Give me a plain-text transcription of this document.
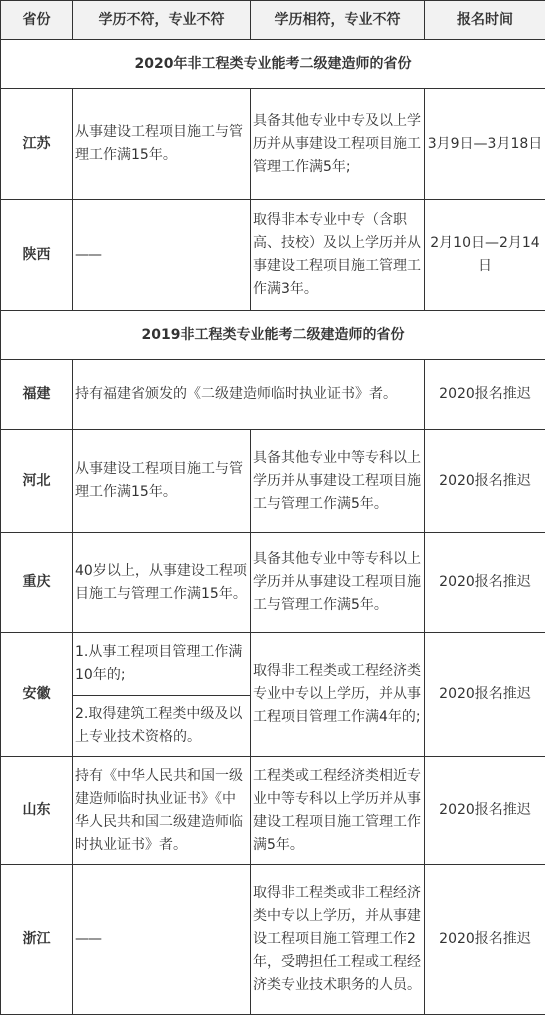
省份	学历不符，专业不符	学历相符，专业不符	报名时间
2020年非工程类专业能考二级建造师的省份			
江苏	从事建设工程项目施工与管理工作满15年。	具备其他专业中专及以上学历并从事建设工程项目施工管理工作满5年;	3月9日—3月18日
陕西	——	取得非本专业中专（含职高、技校）及以上学历并从事建设工程项目施工管理工作满3年。	2月10日—2月14日
2019非工程类专业能考二级建造师的省份			
福建	持有福建省颁发的《二级建造师临时执业证书》者。		2020报名推迟
河北	从事建设工程项目施工与管理工作满15年。	具备其他专业中等专科以上学历并从事建设工程项目施工与管理工作满5年。	2020报名推迟
重庆	40岁以上，从事建设工程项目施工与管理工作满15年。	具备其他专业中等专科以上学历并从事建设工程项目施工与管理工作满5年。	2020报名推迟
安徽	1.从事工程项目管理工作满10年的;	取得非工程类或工程经济类专业中专以上学历，并从事工程项目管理工作满4年的;	2020报名推迟
	2.取得建筑工程类中级及以上专业技术资格的。		
山东	持有《中华人民共和国一级建造师临时执业证书》《中华人民共和国二级建造师临时执业证书》者。	工程类或工程经济类相近专业中等专科以上学历并从事建设工程项目施工管理工作满5年。	2020报名推迟
浙江	——	取得非工程类或非工程经济类中专以上学历，并从事建设工程项目施工管理工作2年，受聘担任工程或工程经济类专业技术职务的人员。	2020报名推迟
